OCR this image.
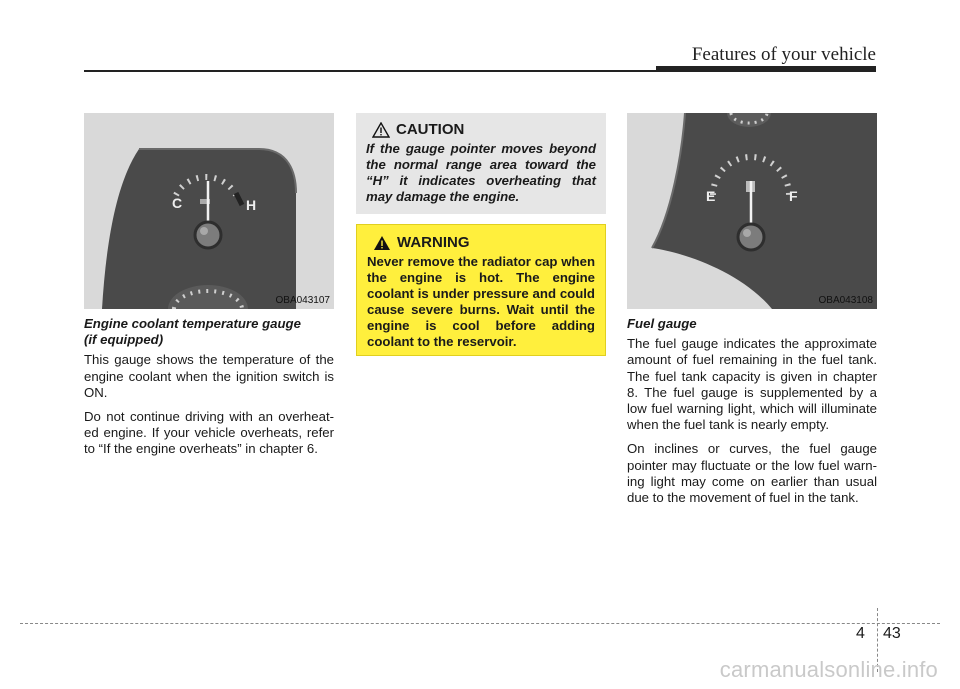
Features of your vehicle
C	H
OBA043107

Engine coolant temperature gauge
(if equipped)

This gauge shows the temperature of the engine coolant when the ignition switch is ON.

Do not continue driving with an overheat-ed engine. If your vehicle overheats, refer to “If the engine overheats” in chapter 6.

CAUTION

If the gauge pointer moves beyond the normal range area toward the “H” it indicates overheating that may damage the engine.

WARNING

Never remove the radiator cap when the engine is hot. The engine coolant is under pressure and could cause severe burns. Wait until the engine is cool before adding coolant to the reservoir.

E	F
OBA043108

Fuel gauge

The fuel gauge indicates the approximate amount of fuel remaining in the fuel tank. The fuel tank capacity is given in chapter 8. The fuel gauge is supplemented by a low fuel warning light, which will illuminate when the fuel tank is nearly empty.

On inclines or curves, the fuel gauge pointer may fluctuate or the low fuel warn-ing light may come on earlier than usual due to the movement of fuel in the tank.

4 43
carmanualsonline.info
